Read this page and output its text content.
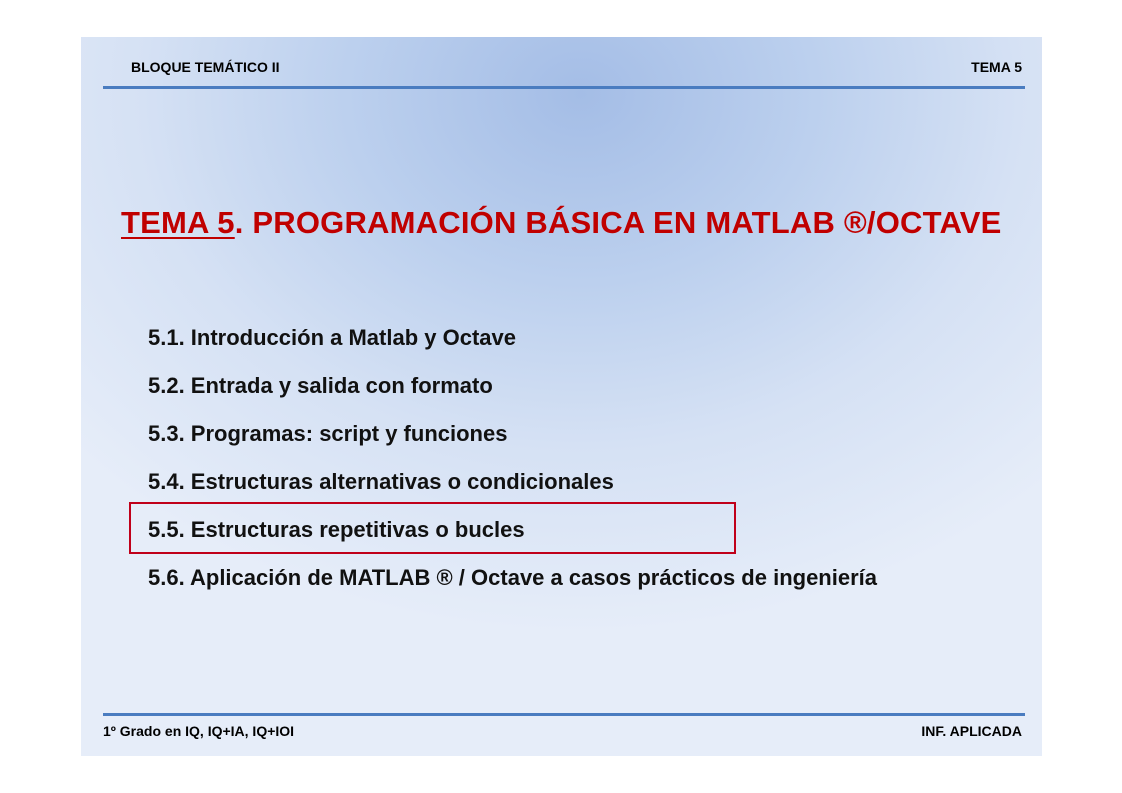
BLOQUE TEMÁTICO II	TEMA 5
TEMA 5. PROGRAMACIÓN BÁSICA EN MATLAB ®/OCTAVE
5.1. Introducción a Matlab y Octave
5.2. Entrada y salida con formato
5.3. Programas: script y funciones
5.4. Estructuras alternativas o condicionales
5.5. Estructuras repetitivas o bucles
5.6. Aplicación de MATLAB ® / Octave a casos prácticos de ingeniería
1º Grado en IQ, IQ+IA, IQ+IOI	INF. APLICADA
